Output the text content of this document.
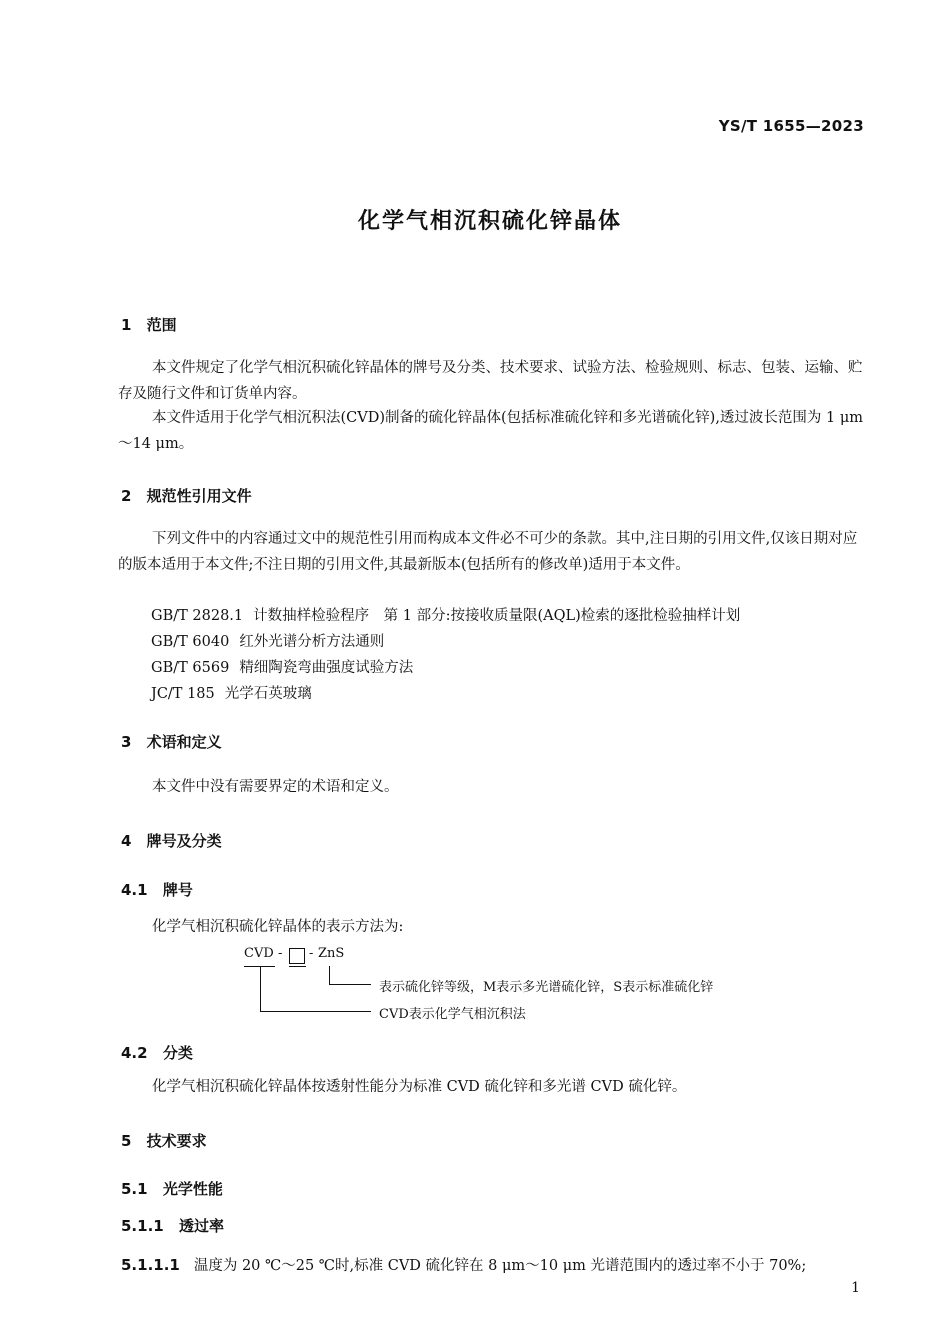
YS/T 1655—2023
化学气相沉积硫化锌晶体
1 范围

本文件规定了化学气相沉积硫化锌晶体的牌号及分类、技术要求、试验方法、检验规则、标志、包装、运输、贮存及随行文件和订货单内容。

本文件适用于化学气相沉积法(CVD)制备的硫化锌晶体(包括标准硫化锌和多光谱硫化锌),透过波长范围为 1 μm～14 μm。

2 规范性引用文件

下列文件中的内容通过文中的规范性引用而构成本文件必不可少的条款。其中,注日期的引用文件,仅该日期对应的版本适用于本文件;不注日期的引用文件,其最新版本(包括所有的修改单)适用于本文件。

GB/T 2828.1 计数抽样检验程序　第 1 部分:按接收质量限(AQL)检索的逐批检验抽样计划
GB/T 6040 红外光谱分析方法通则
GB/T 6569 精细陶瓷弯曲强度试验方法
JC/T 185 光学石英玻璃
3 术语和定义

本文件中没有需要界定的术语和定义。

4 牌号及分类
4.1 牌号

化学气相沉积硫化锌晶体的表示方法为:

CVD - - ZnS
表示硫化锌等级，M表示多光谱硫化锌，S表示标准硫化锌
CVD表示化学气相沉积法
4.2 分类

化学气相沉积硫化锌晶体按透射性能分为标准 CVD 硫化锌和多光谱 CVD 硫化锌。

5 技术要求
5.1 光学性能
5.1.1 透过率
5.1.1.1 温度为 20 ℃～25 ℃时,标准 CVD 硫化锌在 8 μm～10 μm 光谱范围内的透过率不小于 70%;
1
